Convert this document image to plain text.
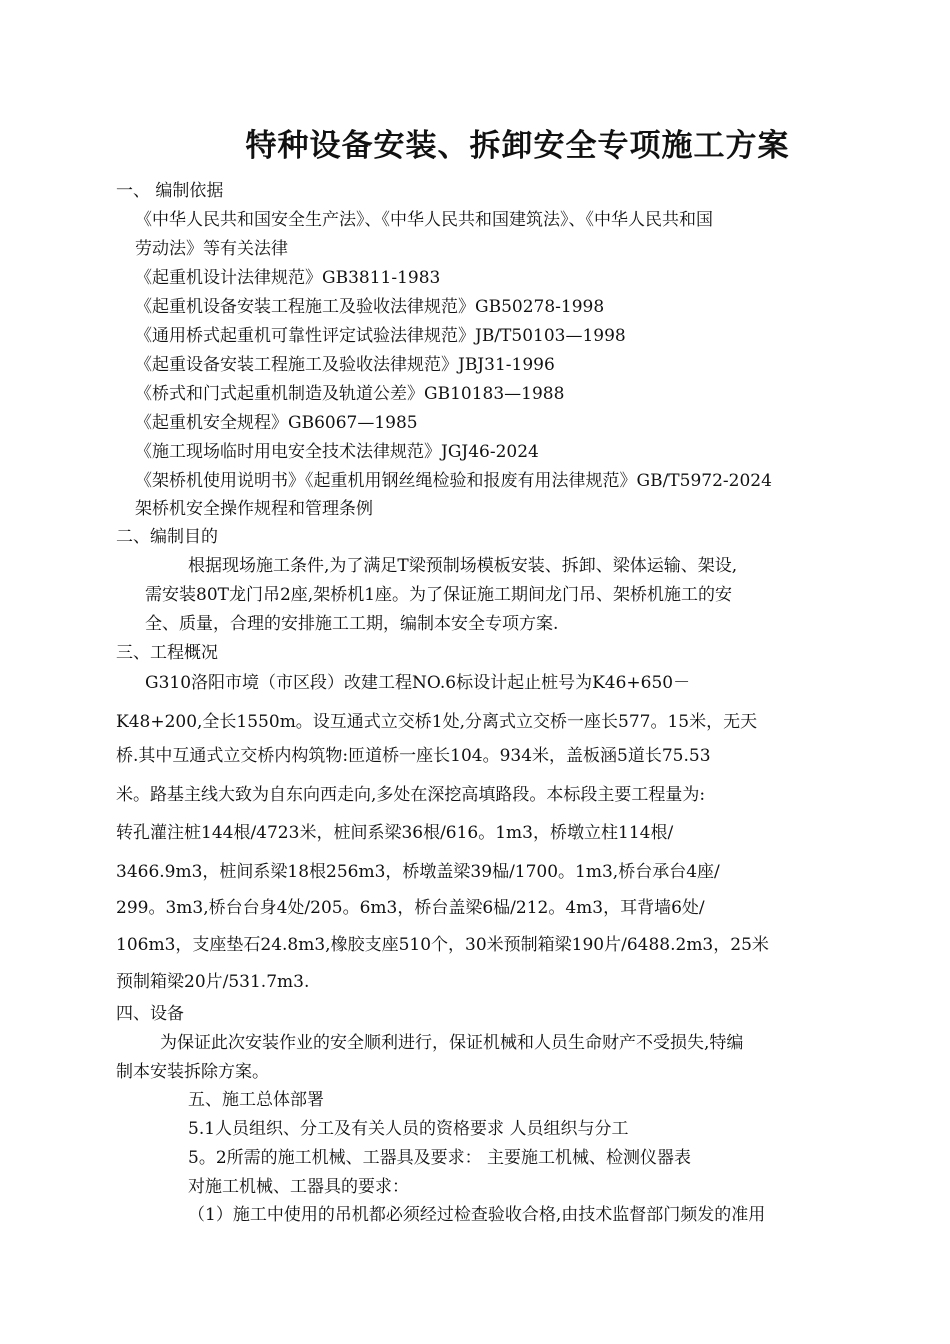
特种设备安装、拆卸安全专项施工方案
一、 编制依据
《中华人民共和国安全生产法》、《中华人民共和国建筑法》、《中华人民共和国
劳动法》等有关法律
《起重机设计法律规范》GB3811-1983
《起重机设备安装工程施工及验收法律规范》GB50278-1998
《通用桥式起重机可靠性评定试验法律规范》JB/T50103—1998
《起重设备安装工程施工及验收法律规范》JBJ31-1996
《桥式和门式起重机制造及轨道公差》GB10183—1988
《起重机安全规程》GB6067—1985
《施工现场临时用电安全技术法律规范》JGJ46-2024
《架桥机使用说明书》《起重机用钢丝绳检验和报废有用法律规范》GB/T5972-2024
架桥机安全操作规程和管理条例
二、编制目的
根据现场施工条件,为了满足T梁预制场模板安装、拆卸、梁体运输、架设,
需安装80T龙门吊2座,架桥机1座。为了保证施工期间龙门吊、架桥机施工的安
全、质量，合理的安排施工工期，编制本安全专项方案.
三、工程概况
G310洛阳市境（市区段）改建工程NO.6标设计起止桩号为K46+650－
K48+200,全长1550m。设互通式立交桥1处,分离式立交桥一座长577。15米，无天
桥.其中互通式立交桥内构筑物:匝道桥一座长104。934米，盖板涵5道长75.53
米。路基主线大致为自东向西走向,多处在深挖高填路段。本标段主要工程量为:
转孔灌注桩144根/4723米，桩间系梁36根/616。1m3，桥墩立柱114根/
3466.9m3，桩间系梁18根256m3，桥墩盖梁39榀/1700。1m3,桥台承台4座/
299。3m3,桥台台身4处/205。6m3，桥台盖梁6榀/212。4m3，耳背墙6处/
106m3，支座垫石24.8m3,橡胶支座510个，30米预制箱梁190片/6488.2m3，25米
预制箱梁20片/531.7m3.
四、设备
为保证此次安装作业的安全顺利进行，保证机械和人员生命财产不受损失,特编
制本安装拆除方案。
五、施工总体部署
5.1人员组织、分工及有关人员的资格要求 人员组织与分工
5。2所需的施工机械、工器具及要求： 主要施工机械、检测仪器表
对施工机械、工器具的要求：
（1）施工中使用的吊机都必须经过检查验收合格,由技术监督部门频发的准用
